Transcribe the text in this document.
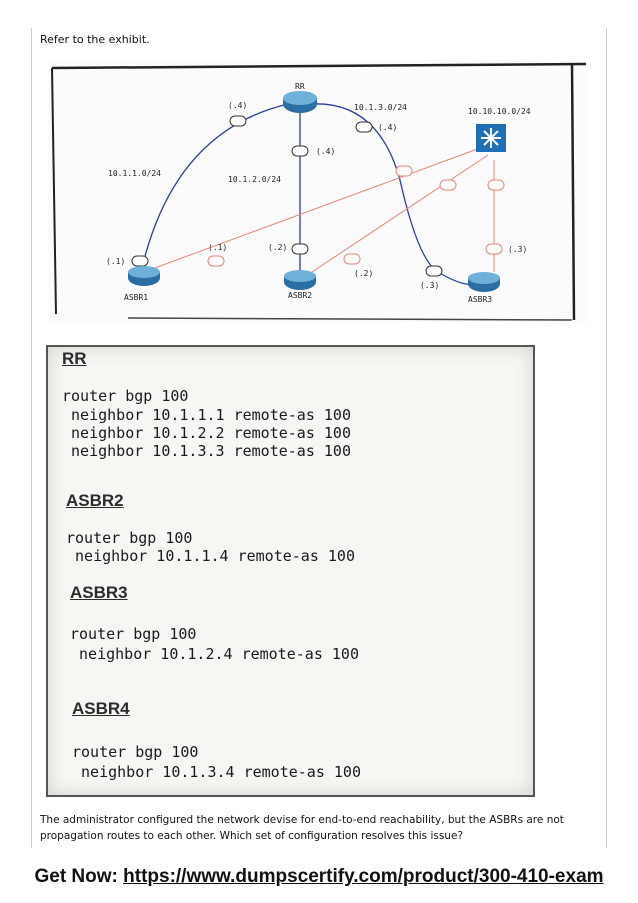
Refer to the exhibit.
RR
ASBR1	ASBR2	ASBR3
10.10.10.0/24
10.1.1.0/24
10.1.2.0/24
10.1.3.0/24
(.4)
(.4)
(.4)
(.1)
(.1)	(.2)
(.2)
(.3)
(.3)
RR
router bgp 100
neighbor 10.1.1.1 remote-as 100
neighbor 10.1.2.2 remote-as 100
neighbor 10.1.3.3 remote-as 100
ASBR2
router bgp 100
neighbor 10.1.1.4 remote-as 100
ASBR3
router bgp 100
neighbor 10.1.2.4 remote-as 100
ASBR4
router bgp 100
neighbor 10.1.3.4 remote-as 100
The administrator configured the network devise for end-to-end reachability, but the ASBRs are not propagation routes to each other. Which set of configuration resolves this issue?
Get Now: https://www.dumpscertify.com/product/300-410-exam
